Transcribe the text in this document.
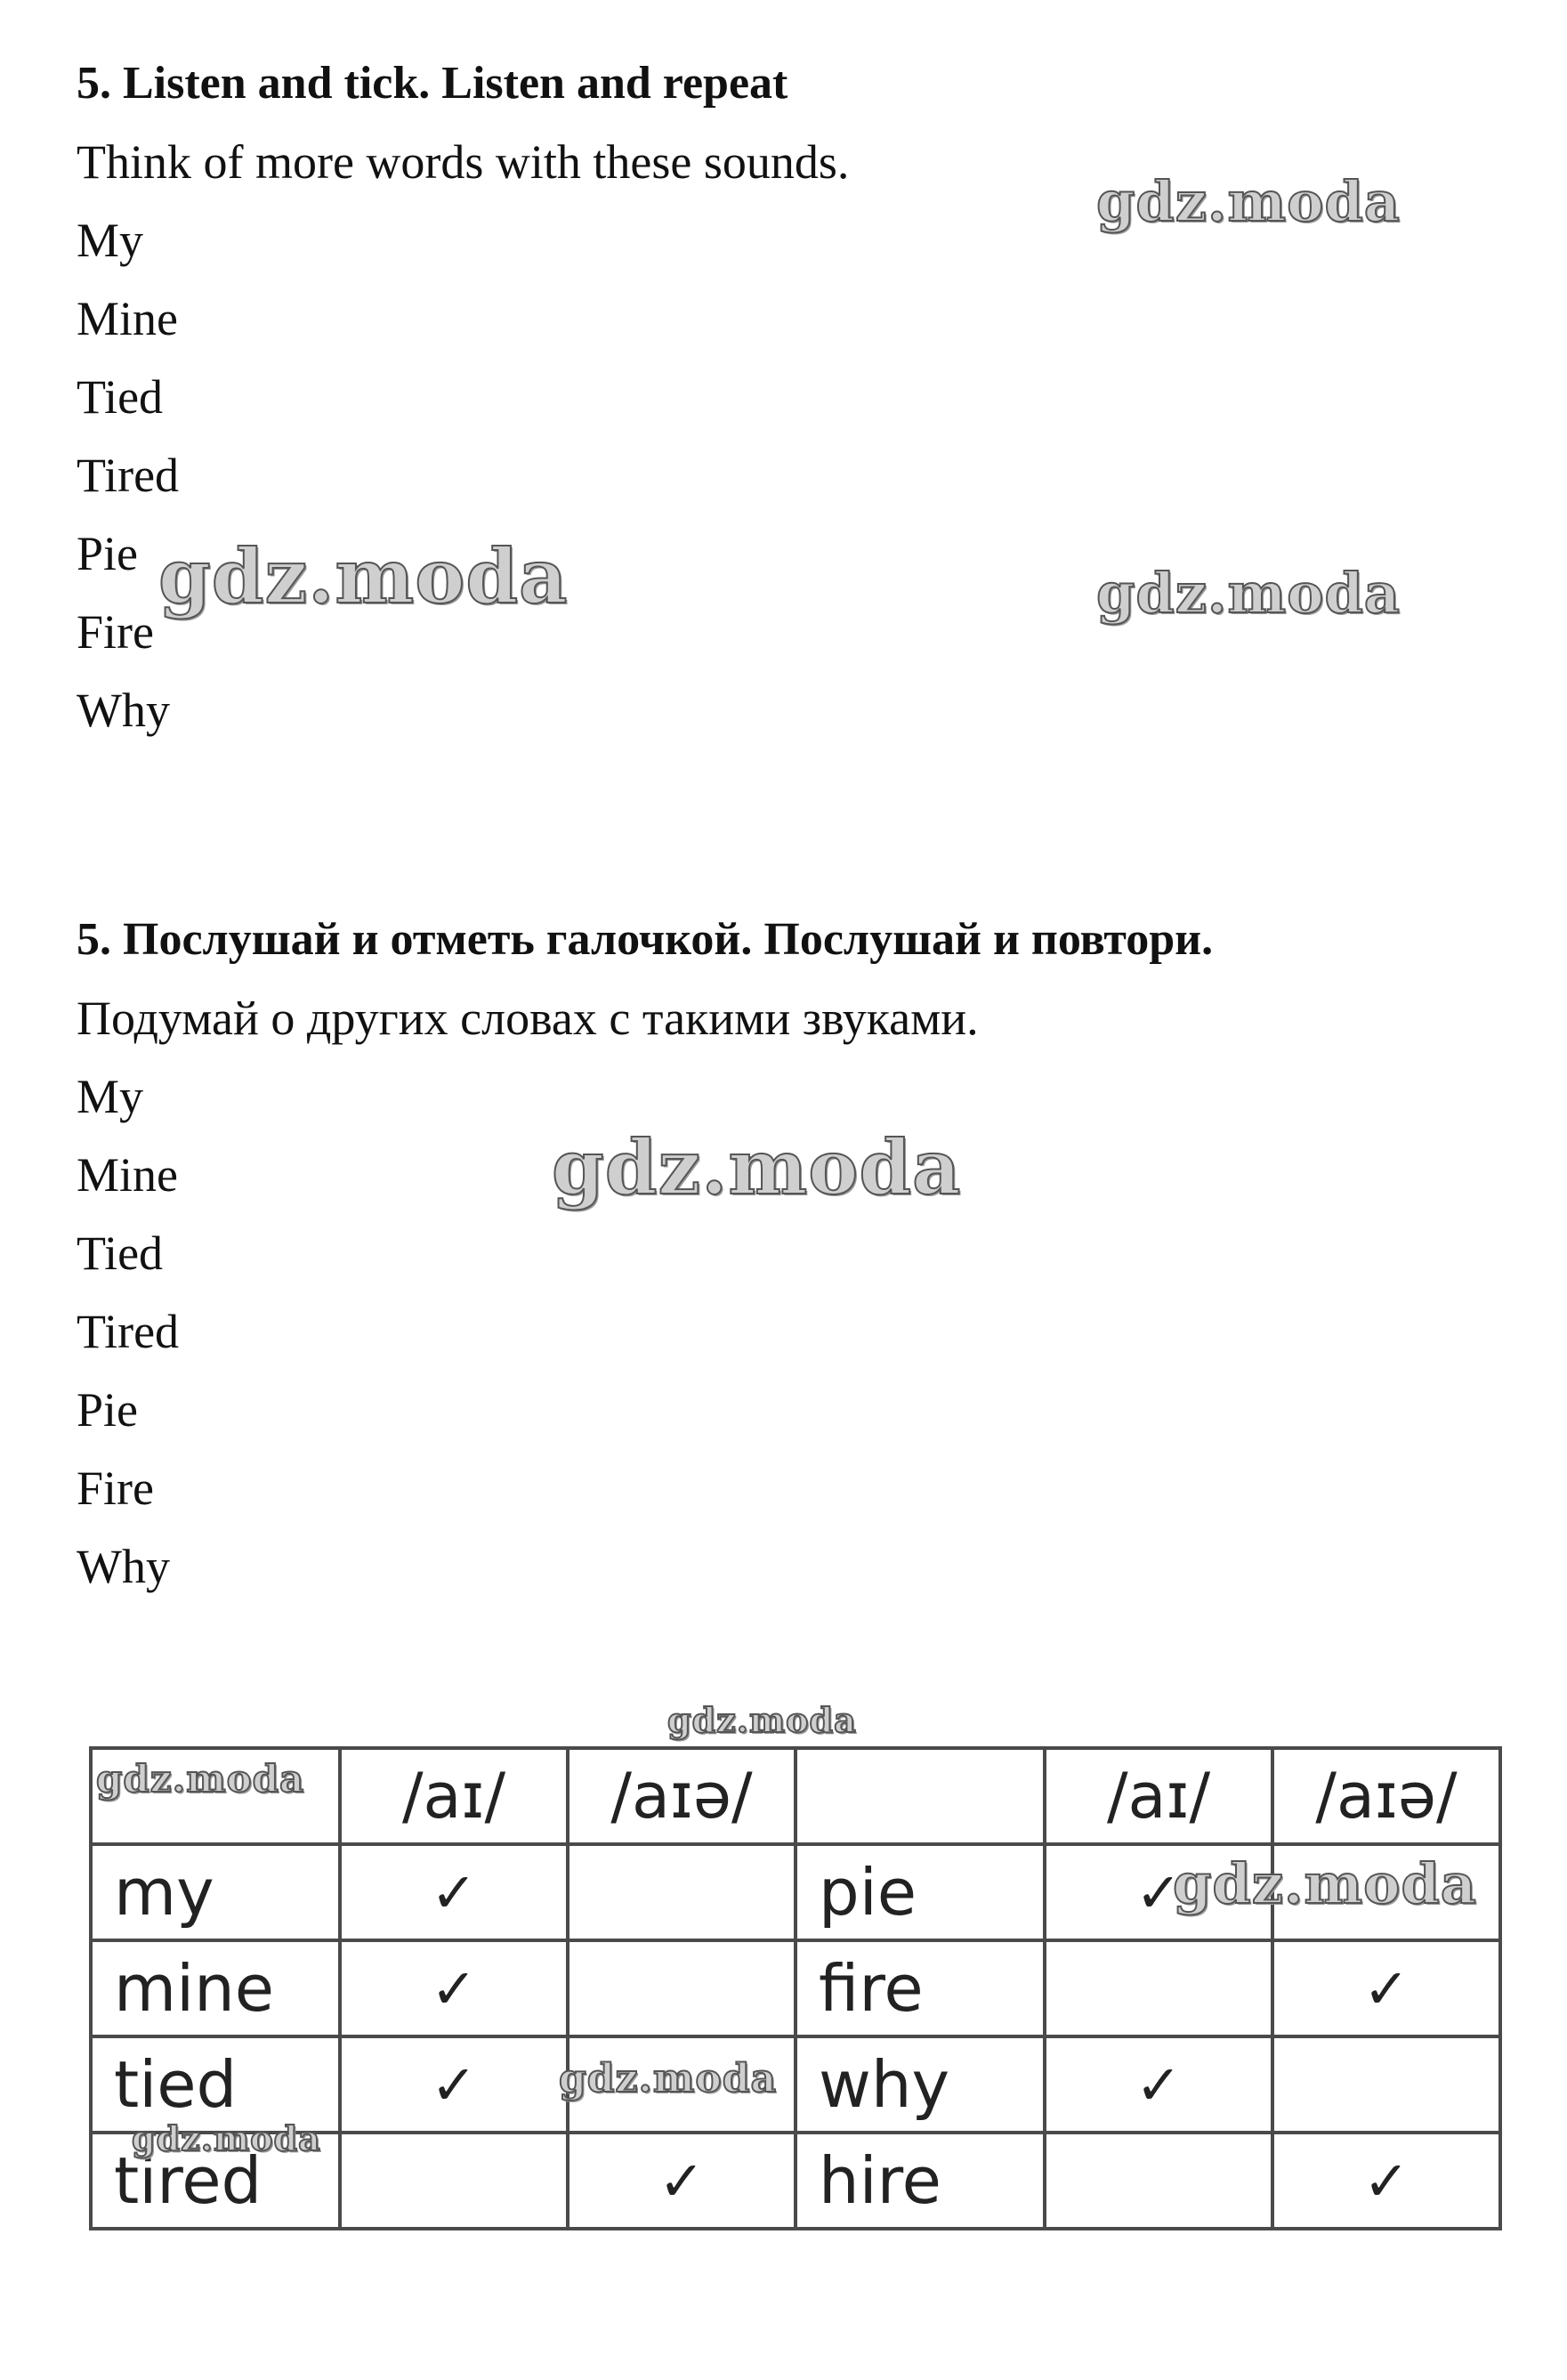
5. Listen and tick. Listen and repeat
Think of more words with these sounds.
My
Mine
Tied
Tired
Pie
Fire
Why
5. Послушай и отметь галочкой. Послушай и повтори.
Подумай о других словах с такими звуками.
My
Mine
Tied
Tired
Pie
Fire
Why
	/aɪ/	/aɪə/		/aɪ/	/aɪə/
my	✓		pie	✓	
mine	✓		fire		✓
tied	✓		why	✓	
tired		✓	hire		✓
gdz.moda
gdz.moda	gdz.moda
gdz.moda
gdz.moda
gdz.moda
gdz.moda
gdz.moda
gdz.moda
